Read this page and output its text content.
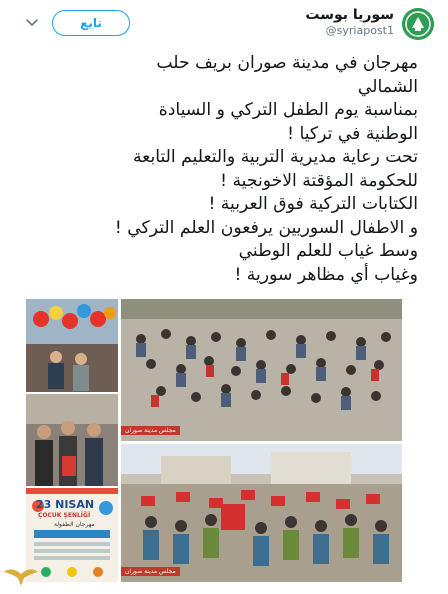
سوريا بوست
@syriapost1
تابع
مهرجان في مدينة صوران بريف حلب
الشمالي
بمناسبة يوم الطفل التركي و السيادة
الوطنية في تركيا !
تحت رعاية مديرية التربية والتعليم التابعة
للحكومة المؤقتة الاخونجية !
الكتابات التركية فوق العربية !
و الاطفال السوريين يرفعون العلم التركي !
وسط غياب للعلم الوطني
وغياب أي مظاهر سورية !
مجلس مدينة صوران
مجلس مدينة صوران
23 NISAN
ÇOCUK ŞENLİĞİ
مهرجان الطفولة
